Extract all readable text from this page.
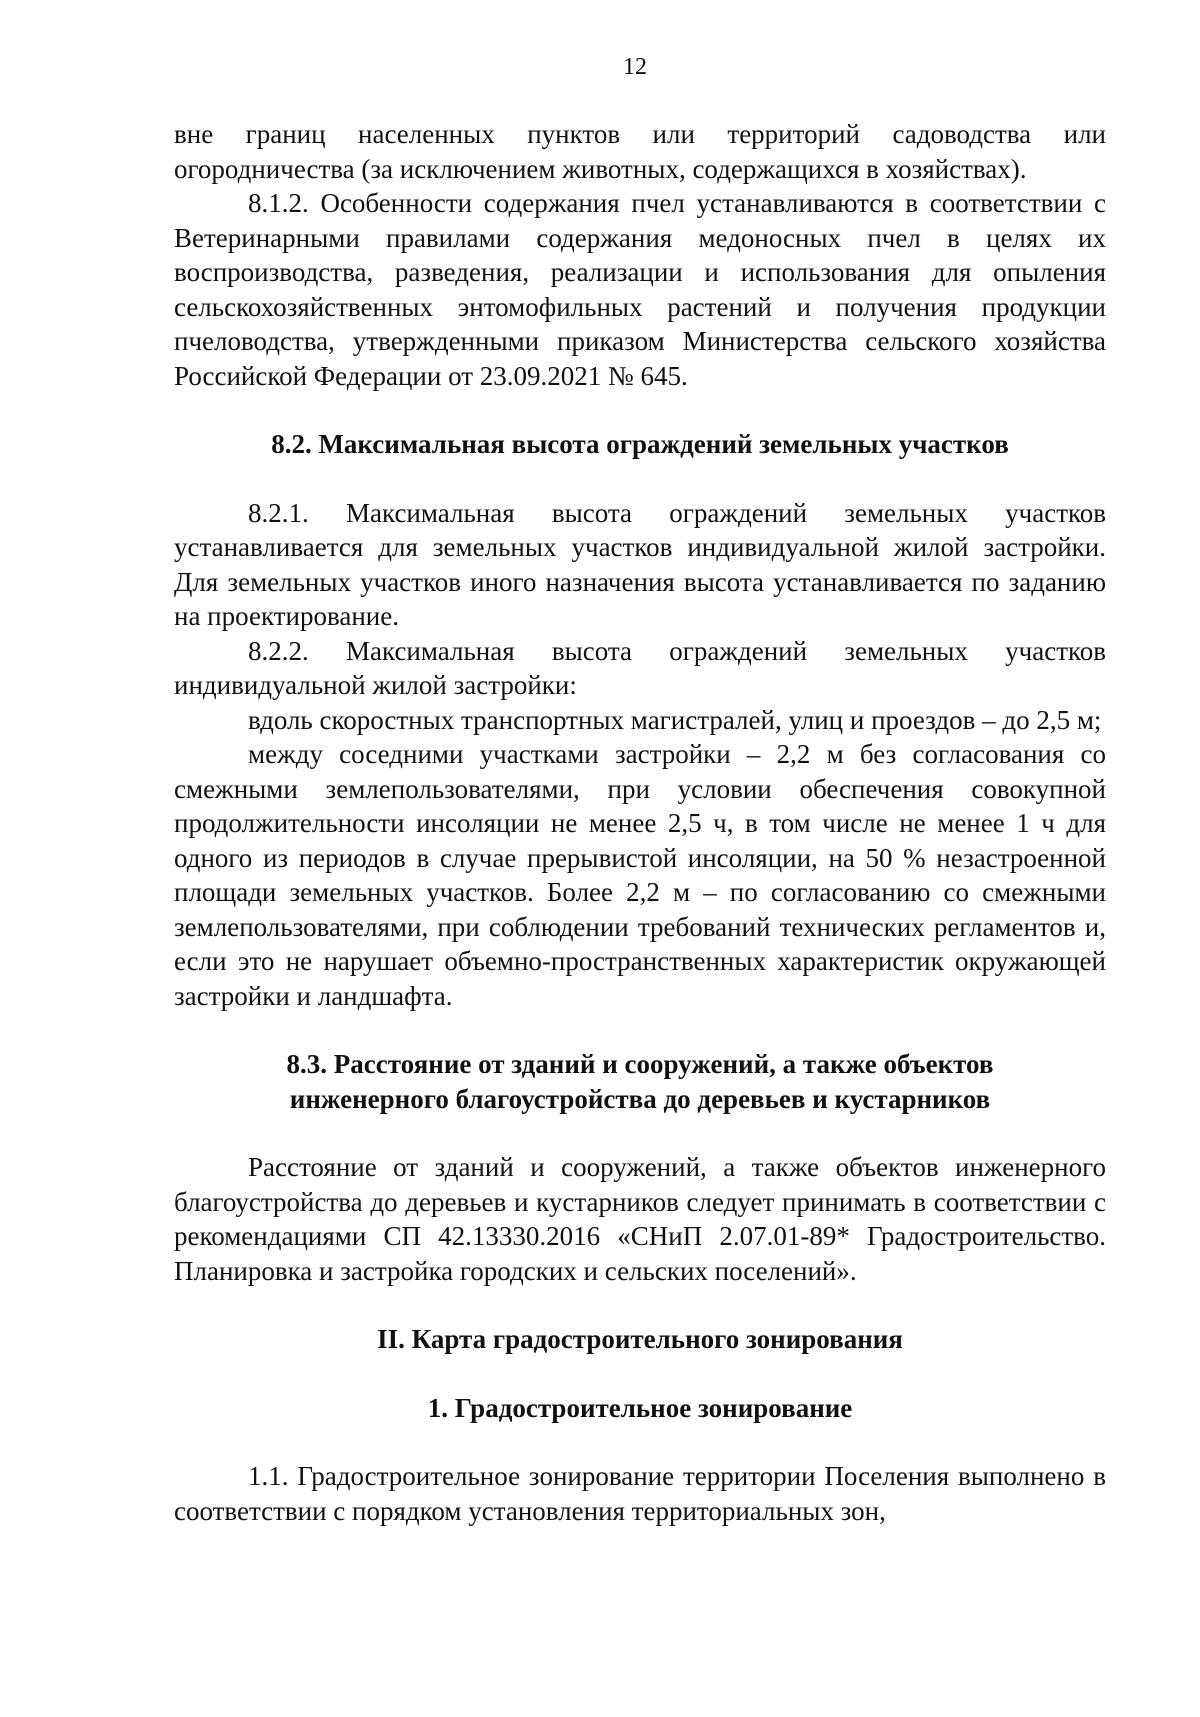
12

вне границ населенных пунктов или территорий садоводства или огородничества (за исключением животных, содержащихся в хозяйствах).

8.1.2. Особенности содержания пчел устанавливаются в соответствии с Ветеринарными правилами содержания медоносных пчел в целях их воспроизводства, разведения, реализации и использования для опыления сельскохозяйственных энтомофильных растений и получения продукции пчеловодства, утвержденными приказом Министерства сельского хозяйства Российской Федерации от 23.09.2021 № 645.

8.2. Максимальная высота ограждений земельных участков

8.2.1. Максимальная высота ограждений земельных участков устанавливается для земельных участков индивидуальной жилой застройки. Для земельных участков иного назначения высота устанавливается по заданию на проектирование.

8.2.2. Максимальная высота ограждений земельных участков индивидуальной жилой застройки:

вдоль скоростных транспортных магистралей, улиц и проездов – до 2,5 м;

между соседними участками застройки – 2,2 м без согласования со смежными землепользователями, при условии обеспечения совокупной продолжительности инсоляции не менее 2,5 ч, в том числе не менее 1 ч для одного из периодов в случае прерывистой инсоляции, на 50 % незастроенной площади земельных участков. Более 2,2 м – по согласованию со смежными землепользователями, при соблюдении требований технических регламентов и, если это не нарушает объемно-пространственных характеристик окружающей застройки и ландшафта.

8.3. Расстояние от зданий и сооружений, а также объектов

инженерного благоустройства до деревьев и кустарников

Расстояние от зданий и сооружений, а также объектов инженерного благоустройства до деревьев и кустарников следует принимать в соответствии с рекомендациями СП 42.13330.2016 «СНиП 2.07.01-89* Градостроительство. Планировка и застройка городских и сельских поселений».

II. Карта градостроительного зонирования

1. Градостроительное зонирование

1.1. Градостроительное зонирование территории Поселения выполнено в соответствии с порядком установления территориальных зон,
